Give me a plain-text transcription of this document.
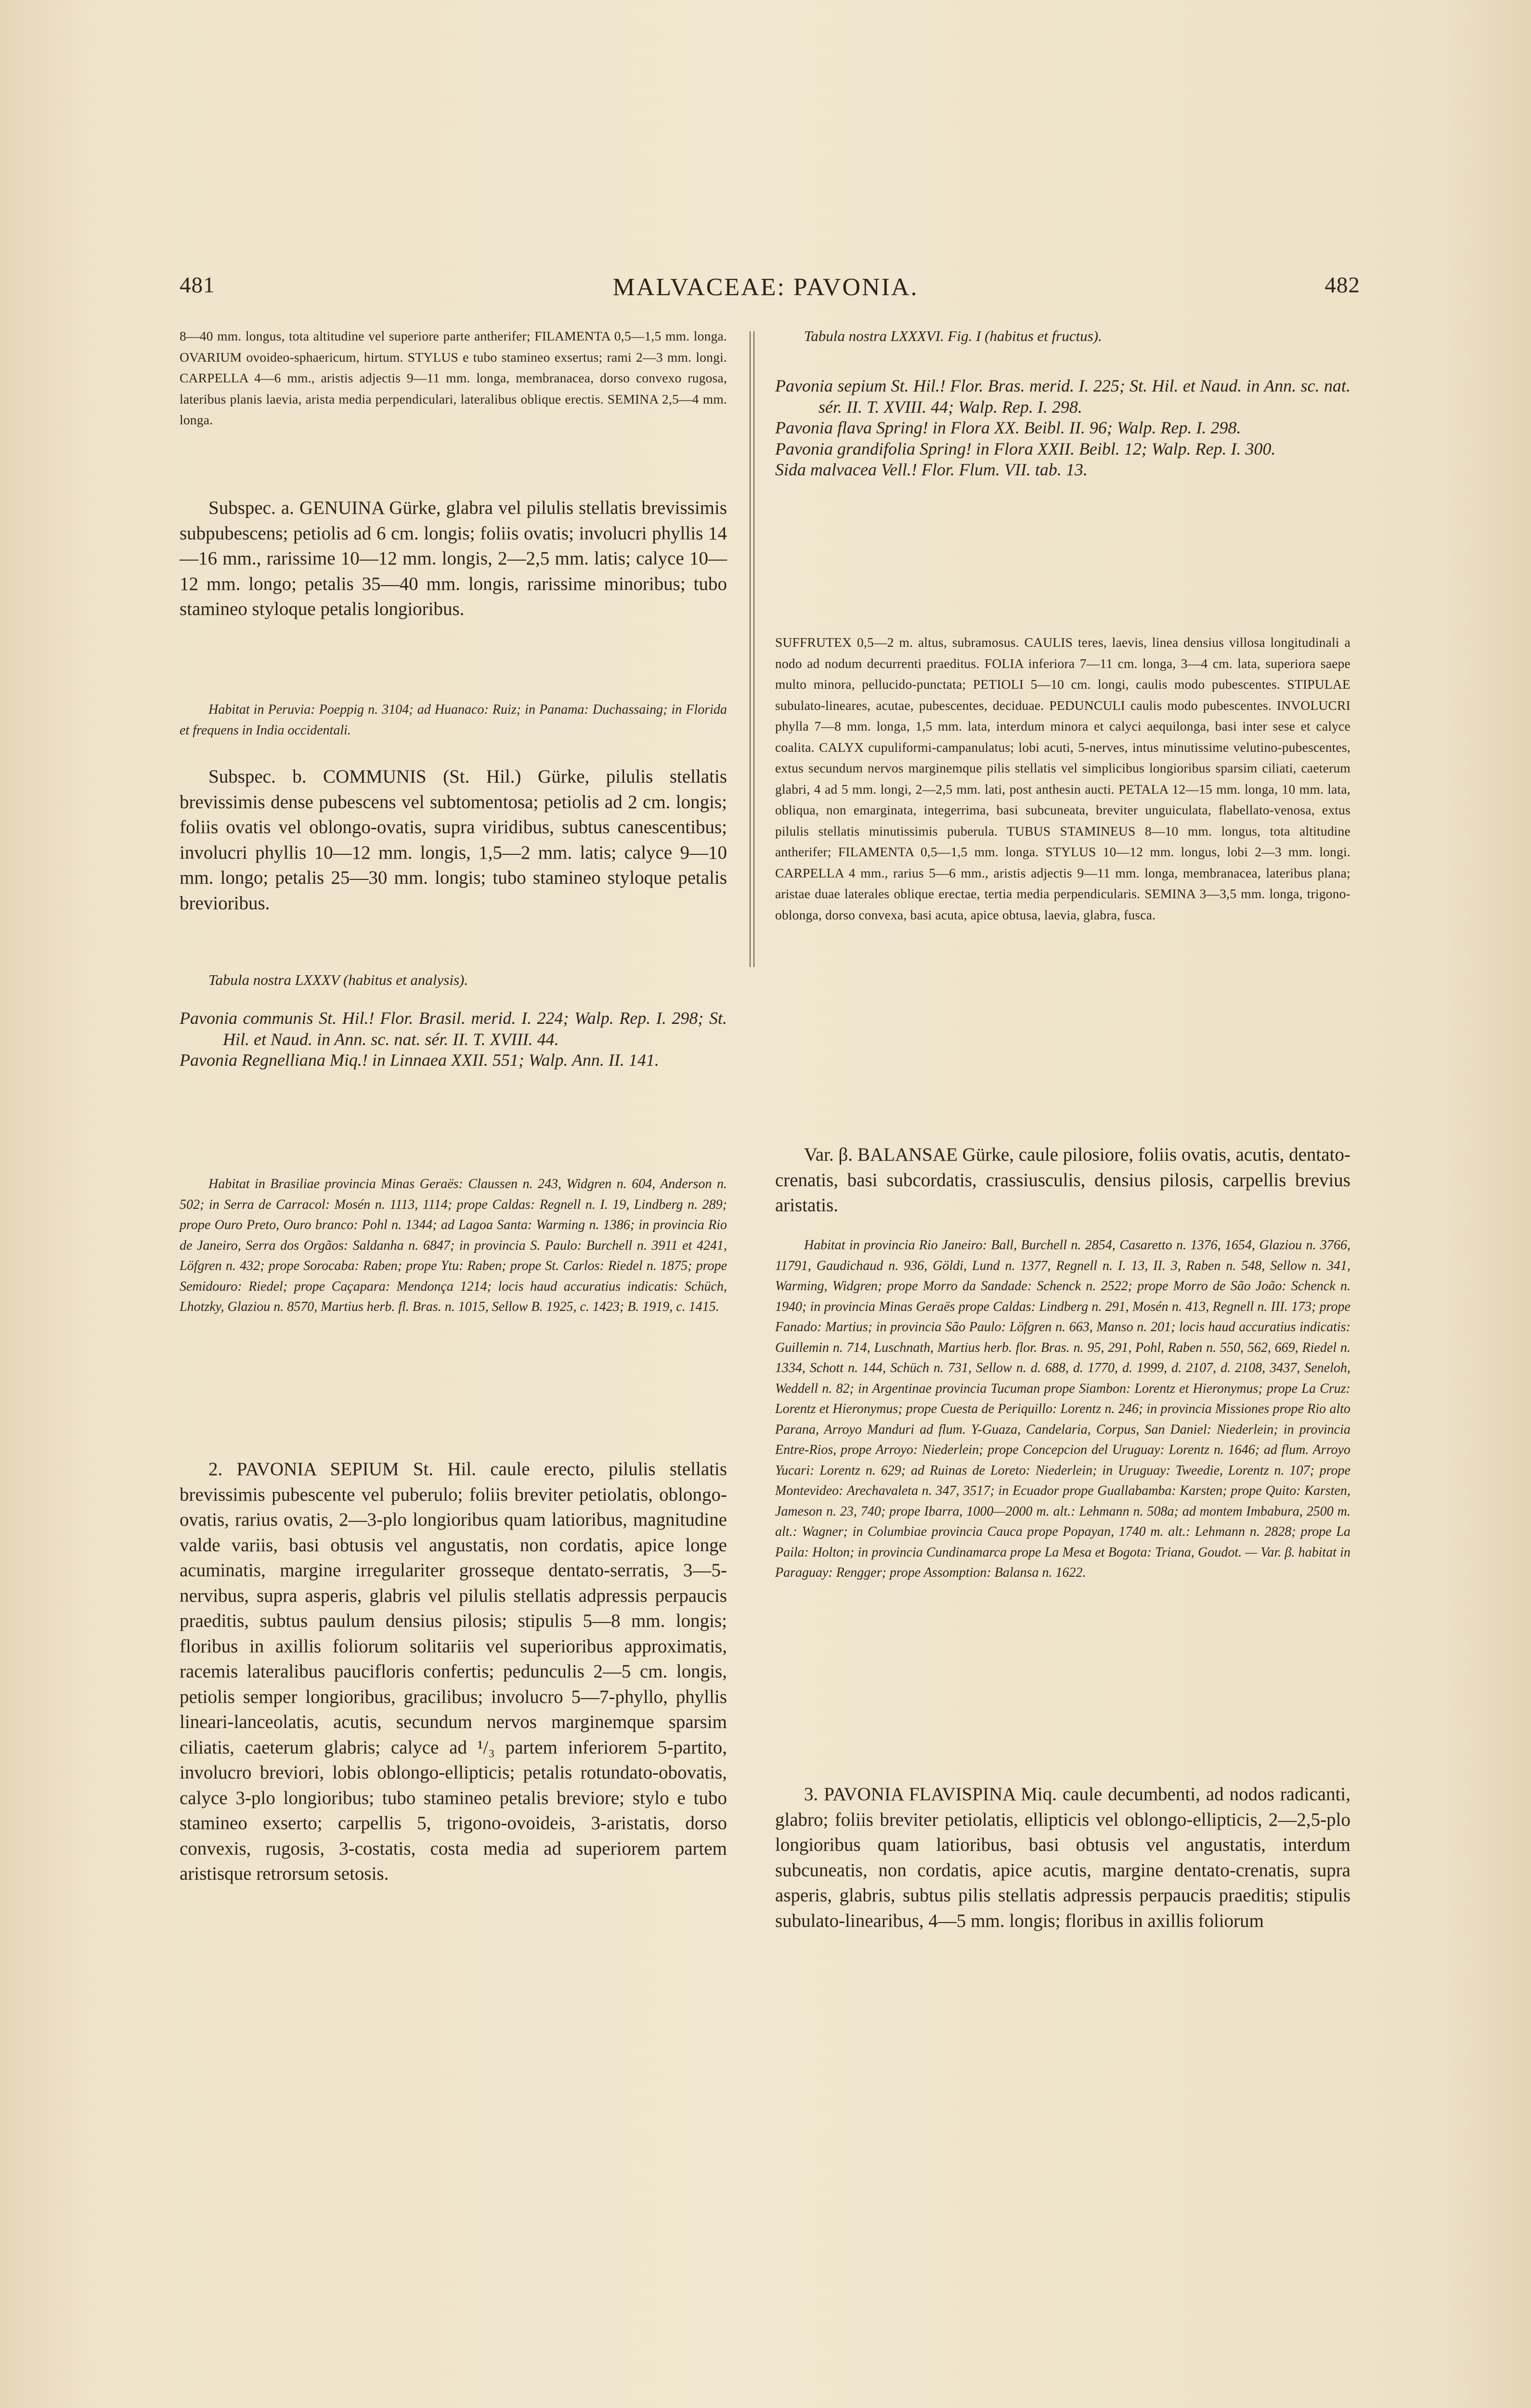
481	MALVACEAE: PAVONIA.	482

8—40 mm. longus, tota altitudine vel superiore parte antherifer; FILAMENTA 0,5—1,5 mm. longa. OVARIUM ovoideo-sphaericum, hirtum. STYLUS e tubo stamineo exsertus; rami 2—3 mm. longi. CARPELLA 4—6 mm., aristis adjectis 9—11 mm. longa, membranacea, dorso convexo rugosa, lateribus planis laevia, arista media perpendiculari, lateralibus oblique erectis. SEMINA 2,5—4 mm. longa.

Subspec. a. GENUINA Gürke, glabra vel pilulis stellatis brevissimis subpubescens; petiolis ad 6 cm. longis; foliis ovatis; involucri phyllis 14—16 mm., rarissime 10—12 mm. longis, 2—2,5 mm. latis; calyce 10—12 mm. longo; petalis 35—40 mm. longis, rarissime minoribus; tubo stamineo styloque petalis longioribus.

Habitat in Peruvia: Poeppig n. 3104; ad Huanaco: Ruiz; in Panama: Duchassaing; in Florida et frequens in India occidentali.

Subspec. b. COMMUNIS (St. Hil.) Gürke, pilulis stellatis brevissimis dense pubescens vel subtomentosa; petiolis ad 2 cm. longis; foliis ovatis vel oblongo-ovatis, supra viridibus, subtus canescentibus; involucri phyllis 10—12 mm. longis, 1,5—2 mm. latis; calyce 9—10 mm. longo; petalis 25—30 mm. longis; tubo stamineo styloque petalis brevioribus.

Tabula nostra LXXXV (habitus et analysis).

Pavonia communis St. Hil.! Flor. Brasil. merid. I. 224; Walp. Rep. I. 298; St. Hil. et Naud. in Ann. sc. nat. sér. II. T. XVIII. 44.

Pavonia Regnelliana Miq.! in Linnaea XXII. 551; Walp. Ann. II. 141.

Habitat in Brasiliae provincia Minas Geraës: Claussen n. 243, Widgren n. 604, Anderson n. 502; in Serra de Carracol: Mosén n. 1113, 1114; prope Caldas: Regnell n. I. 19, Lindberg n. 289; prope Ouro Preto, Ouro branco: Pohl n. 1344; ad Lagoa Santa: Warming n. 1386; in provincia Rio de Janeiro, Serra dos Orgãos: Saldanha n. 6847; in provincia S. Paulo: Burchell n. 3911 et 4241, Löfgren n. 432; prope Sorocaba: Raben; prope Ytu: Raben; prope St. Carlos: Riedel n. 1875; prope Semidouro: Riedel; prope Caçapara: Mendonça 1214; locis haud accuratius indicatis: Schüch, Lhotzky, Glaziou n. 8570, Martius herb. fl. Bras. n. 1015, Sellow B. 1925, c. 1423; B. 1919, c. 1415.

2. PAVONIA SEPIUM St. Hil. caule erecto, pilulis stellatis brevissimis pubescente vel puberulo; foliis breviter petiolatis, oblongo-ovatis, rarius ovatis, 2—3-plo longioribus quam latioribus, magnitudine valde variis, basi obtusis vel angustatis, non cordatis, apice longe acuminatis, margine irregulariter grosseque dentato-serratis, 3—5-nervibus, supra asperis, glabris vel pilulis stellatis adpressis perpaucis praeditis, subtus paulum densius pilosis; stipulis 5—8 mm. longis; floribus in axillis foliorum solitariis vel superioribus approximatis, racemis lateralibus paucifloris confertis; pedunculis 2—5 cm. longis, petiolis semper longioribus, gracilibus; involucro 5—7-phyllo, phyllis lineari-lanceolatis, acutis, secundum nervos marginemque sparsim ciliatis, caeterum glabris; calyce ad ¹/₃ partem inferiorem 5-partito, involucro breviori, lobis oblongo-ellipticis; petalis rotundato-obovatis, calyce 3-plo longioribus; tubo stamineo petalis breviore; stylo e tubo stamineo exserto; carpellis 5, trigono-ovoideis, 3-aristatis, dorso convexis, rugosis, 3-costatis, costa media ad superiorem partem aristisque retrorsum setosis.

Tabula nostra LXXXVI. Fig. I (habitus et fructus).

Pavonia sepium St. Hil.! Flor. Bras. merid. I. 225; St. Hil. et Naud. in Ann. sc. nat. sér. II. T. XVIII. 44; Walp. Rep. I. 298.

Pavonia flava Spring! in Flora XX. Beibl. II. 96; Walp. Rep. I. 298.

Pavonia grandifolia Spring! in Flora XXII. Beibl. 12; Walp. Rep. I. 300.

Sida malvacea Vell.! Flor. Flum. VII. tab. 13.

SUFFRUTEX 0,5—2 m. altus, subramosus. CAULIS teres, laevis, linea densius villosa longitudinali a nodo ad nodum decurrenti praeditus. FOLIA inferiora 7—11 cm. longa, 3—4 cm. lata, superiora saepe multo minora, pellucido-punctata; PETIOLI 5—10 cm. longi, caulis modo pubescentes. STIPULAE subulato-lineares, acutae, pubescentes, deciduae. PEDUNCULI caulis modo pubescentes. INVOLUCRI phylla 7—8 mm. longa, 1,5 mm. lata, interdum minora et calyci aequilonga, basi inter sese et calyce coalita. CALYX cupuliformi-campanulatus; lobi acuti, 5-nerves, intus minutissime velutino-pubescentes, extus secundum nervos marginemque pilis stellatis vel simplicibus longioribus sparsim ciliati, caeterum glabri, 4 ad 5 mm. longi, 2—2,5 mm. lati, post anthesin aucti. PETALA 12—15 mm. longa, 10 mm. lata, obliqua, non emarginata, integerrima, basi subcuneata, breviter unguiculata, flabellato-venosa, extus pilulis stellatis minutissimis puberula. TUBUS STAMINEUS 8—10 mm. longus, tota altitudine antherifer; FILAMENTA 0,5—1,5 mm. longa. STYLUS 10—12 mm. longus, lobi 2—3 mm. longi. CARPELLA 4 mm., rarius 5—6 mm., aristis adjectis 9—11 mm. longa, membranacea, lateribus plana; aristae duae laterales oblique erectae, tertia media perpendicularis. SEMINA 3—3,5 mm. longa, trigono-oblonga, dorso convexa, basi acuta, apice obtusa, laevia, glabra, fusca.

Var. β. BALANSAE Gürke, caule pilosiore, foliis ovatis, acutis, dentato-crenatis, basi subcordatis, crassiusculis, densius pilosis, carpellis brevius aristatis.

Habitat in provincia Rio Janeiro: Ball, Burchell n. 2854, Casaretto n. 1376, 1654, Glaziou n. 3766, 11791, Gaudichaud n. 936, Göldi, Lund n. 1377, Regnell n. I. 13, II. 3, Raben n. 548, Sellow n. 341, Warming, Widgren; prope Morro da Sandade: Schenck n. 2522; prope Morro de São João: Schenck n. 1940; in provincia Minas Geraës prope Caldas: Lindberg n. 291, Mosén n. 413, Regnell n. III. 173; prope Fanado: Martius; in provincia São Paulo: Löfgren n. 663, Manso n. 201; locis haud accuratius indicatis: Guillemin n. 714, Luschnath, Martius herb. flor. Bras. n. 95, 291, Pohl, Raben n. 550, 562, 669, Riedel n. 1334, Schott n. 144, Schüch n. 731, Sellow n. d. 688, d. 1770, d. 1999, d. 2107, d. 2108, 3437, Seneloh, Weddell n. 82; in Argentinae provincia Tucuman prope Siambon: Lorentz et Hieronymus; prope La Cruz: Lorentz et Hieronymus; prope Cuesta de Periquillo: Lorentz n. 246; in provincia Missiones prope Rio alto Parana, Arroyo Manduri ad flum. Y-Guaza, Candelaria, Corpus, San Daniel: Niederlein; in provincia Entre-Rios, prope Arroyo: Niederlein; prope Concepcion del Uruguay: Lorentz n. 1646; ad flum. Arroyo Yucari: Lorentz n. 629; ad Ruinas de Loreto: Niederlein; in Uruguay: Tweedie, Lorentz n. 107; prope Montevideo: Arechavaleta n. 347, 3517; in Ecuador prope Guallabamba: Karsten; prope Quito: Karsten, Jameson n. 23, 740; prope Ibarra, 1000—2000 m. alt.: Lehmann n. 508a; ad montem Imbabura, 2500 m. alt.: Wagner; in Columbiae provincia Cauca prope Popayan, 1740 m. alt.: Lehmann n. 2828; prope La Paila: Holton; in provincia Cundinamarca prope La Mesa et Bogota: Triana, Goudot. — Var. β. habitat in Paraguay: Rengger; prope Assomption: Balansa n. 1622.

3. PAVONIA FLAVISPINA Miq. caule decumbenti, ad nodos radicanti, glabro; foliis breviter petiolatis, ellipticis vel oblongo-ellipticis, 2—2,5-plo longioribus quam latioribus, basi obtusis vel angustatis, interdum subcuneatis, non cordatis, apice acutis, margine dentato-crenatis, supra asperis, glabris, subtus pilis stellatis adpressis perpaucis praeditis; stipulis subulato-linearibus, 4—5 mm. longis; floribus in axillis foliorum
